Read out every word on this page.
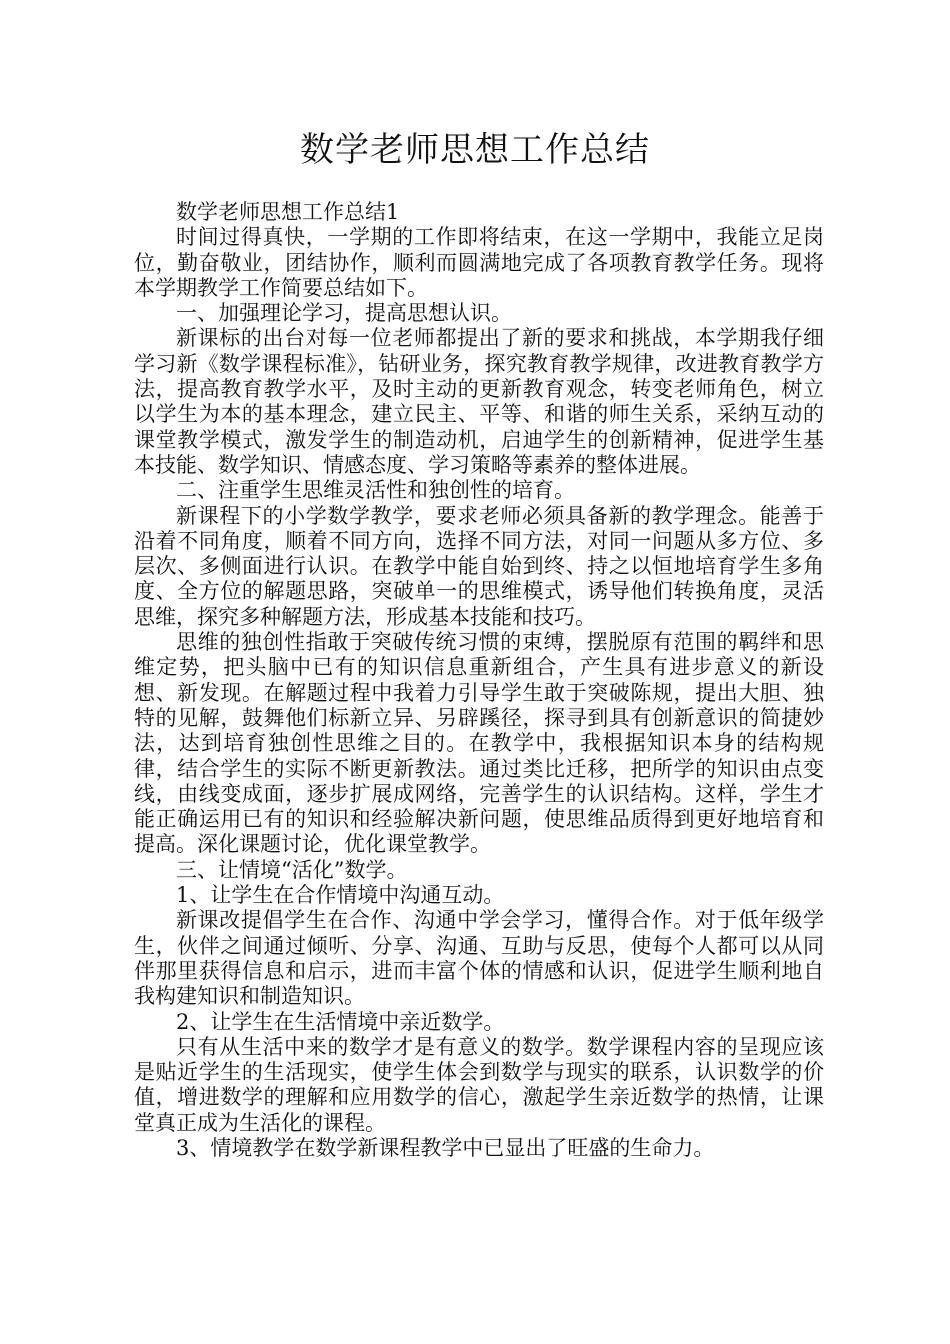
数学老师思想工作总结

数学老师思想工作总结1

时间过得真快，一学期的工作即将结束，在这一学期中，我能立足岗位，勤奋敬业，团结协作，顺利而圆满地完成了各项教育教学任务。现将本学期教学工作简要总结如下。

一、加强理论学习，提高思想认识。

新课标的出台对每一位老师都提出了新的要求和挑战，本学期我仔细学习新《数学课程标准》，钻研业务，探究教育教学规律，改进教育教学方法，提高教育教学水平，及时主动的更新教育观念，转变老师角色，树立以学生为本的基本理念，建立民主、平等、和谐的师生关系，采纳互动的课堂教学模式，激发学生的制造动机，启迪学生的创新精神，促进学生基本技能、数学知识、情感态度、学习策略等素养的整体进展。

二、注重学生思维灵活性和独创性的培育。

新课程下的小学数学教学，要求老师必须具备新的教学理念。能善于沿着不同角度，顺着不同方向，选择不同方法，对同一问题从多方位、多层次、多侧面进行认识。在教学中能自始到终、持之以恒地培育学生多角度、全方位的解题思路，突破单一的思维模式，诱导他们转换角度，灵活思维，探究多种解题方法，形成基本技能和技巧。

思维的独创性指敢于突破传统习惯的束缚，摆脱原有范围的羁绊和思维定势，把头脑中已有的知识信息重新组合，产生具有进步意义的新设想、新发现。在解题过程中我着力引导学生敢于突破陈规，提出大胆、独特的见解，鼓舞他们标新立异、另辟蹊径，探寻到具有创新意识的简捷妙法，达到培育独创性思维之目的。在教学中，我根据知识本身的结构规律，结合学生的实际不断更新教法。通过类比迁移，把所学的知识由点变线，由线变成面，逐步扩展成网络，完善学生的认识结构。这样，学生才能正确运用已有的知识和经验解决新问题，使思维品质得到更好地培育和提高。深化课题讨论，优化课堂教学。

三、让情境“活化”数学。

1、让学生在合作情境中沟通互动。

新课改提倡学生在合作、沟通中学会学习，懂得合作。对于低年级学生，伙伴之间通过倾听、分享、沟通、互助与反思，使每个人都可以从同伴那里获得信息和启示，进而丰富个体的情感和认识，促进学生顺利地自我构建知识和制造知识。

2、让学生在生活情境中亲近数学。

只有从生活中来的数学才是有意义的数学。数学课程内容的呈现应该是贴近学生的生活现实，使学生体会到数学与现实的联系，认识数学的价值，增进数学的理解和应用数学的信心，激起学生亲近数学的热情，让课堂真正成为生活化的课程。

3、情境教学在数学新课程教学中已显出了旺盛的生命力。
